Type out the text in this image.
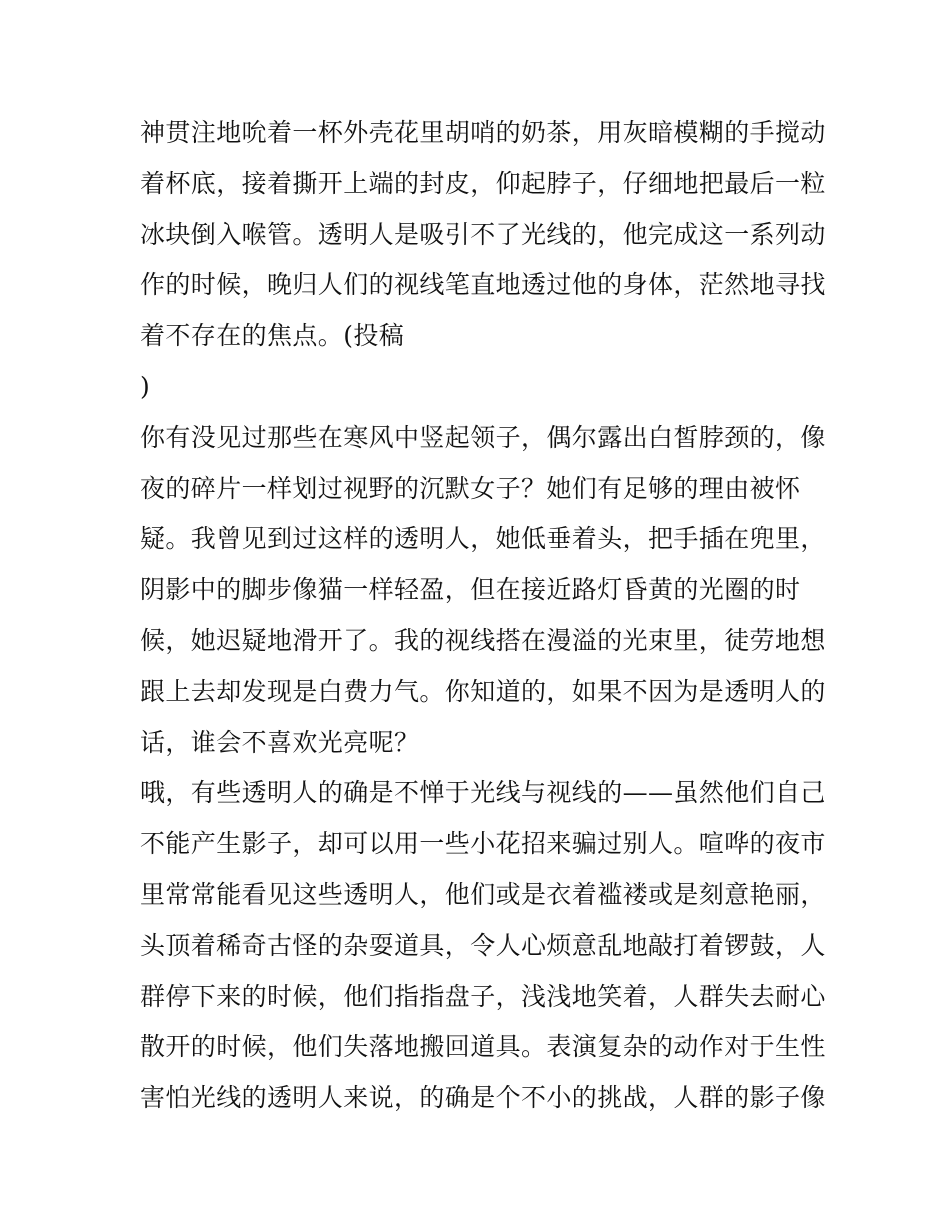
神贯注地吮着一杯外壳花里胡哨的奶茶，用灰暗模糊的手搅动
着杯底，接着撕开上端的封皮，仰起脖子，仔细地把最后一粒
冰块倒入喉管。透明人是吸引不了光线的，他完成这一系列动
作的时候，晚归人们的视线笔直地透过他的身体，茫然地寻找
着不存在的焦点。(投稿
)
你有没见过那些在寒风中竖起领子，偶尔露出白皙脖颈的，像
夜的碎片一样划过视野的沉默女子？她们有足够的理由被怀
疑。我曾见到过这样的透明人，她低垂着头，把手插在兜里，
阴影中的脚步像猫一样轻盈，但在接近路灯昏黄的光圈的时
候，她迟疑地滑开了。我的视线搭在漫溢的光束里，徒劳地想
跟上去却发现是白费力气。你知道的，如果不因为是透明人的
话，谁会不喜欢光亮呢？
哦，有些透明人的确是不惮于光线与视线的——虽然他们自己
不能产生影子，却可以用一些小花招来骗过别人。喧哗的夜市
里常常能看见这些透明人，他们或是衣着褴褛或是刻意艳丽，
头顶着稀奇古怪的杂耍道具，令人心烦意乱地敲打着锣鼓，人
群停下来的时候，他们指指盘子，浅浅地笑着，人群失去耐心
散开的时候，他们失落地搬回道具。表演复杂的动作对于生性
害怕光线的透明人来说，的确是个不小的挑战，人群的影子像
